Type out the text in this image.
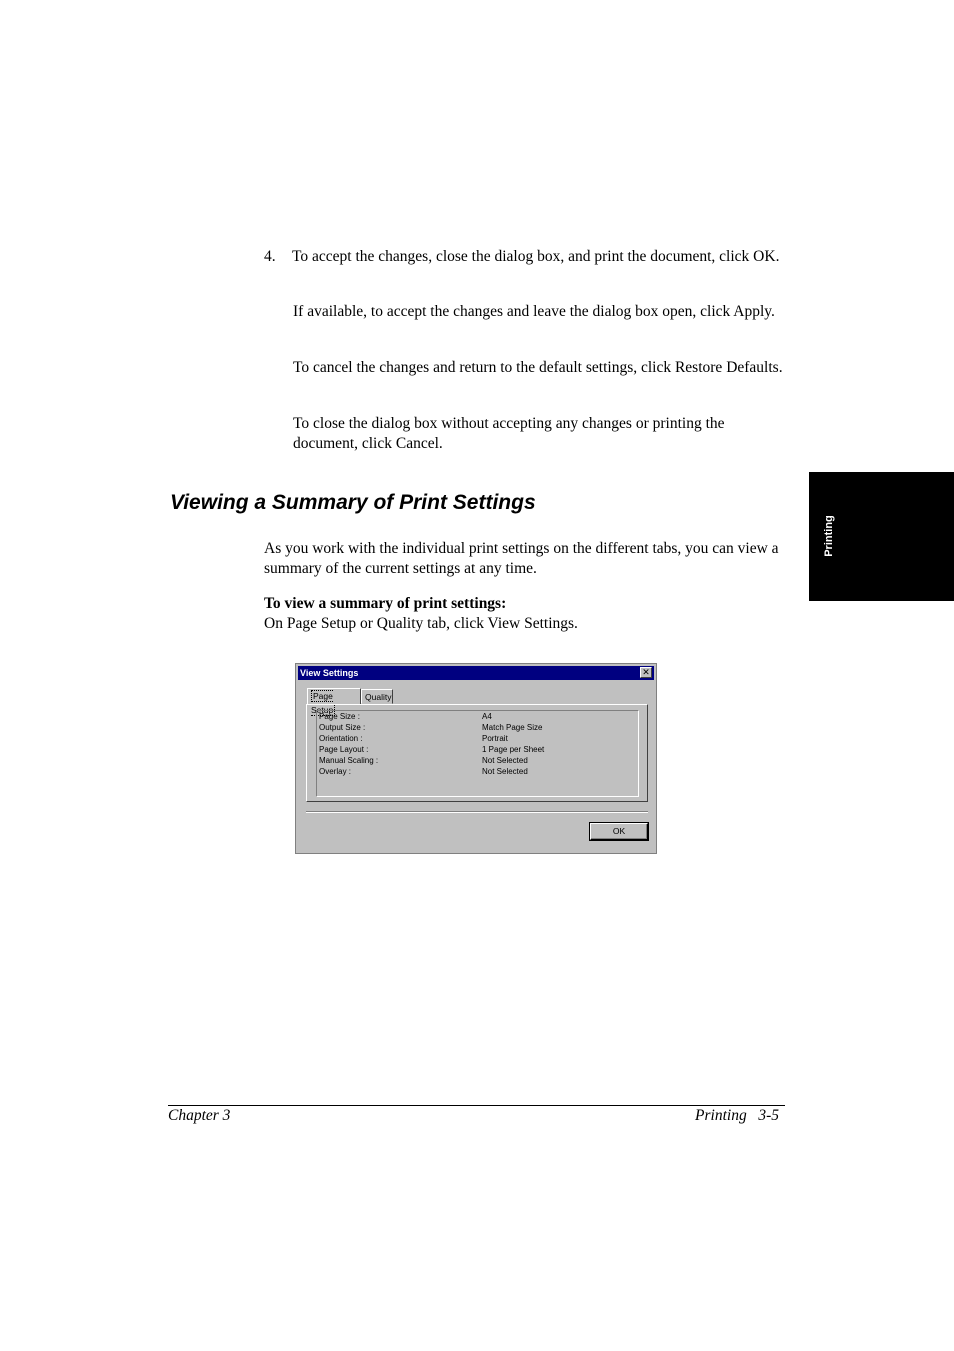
4. To accept the changes, close the dialog box, and print the document, click OK.
If available, to accept the changes and leave the dialog box open, click Apply.
To cancel the changes and return to the default settings, click Restore Defaults.
To close the dialog box without accepting any changes or printing the document, click Cancel.
Viewing a Summary of Print Settings
As you work with the individual print settings on the different tabs, you can view a summary of the current settings at any time.
To view a summary of print settings:
On Page Setup or Quality tab, click View Settings.
Printing
View Settings	✕
Page Setup
Quality
Page Size :	A4
Output Size :	Match Page Size
Orientation :	Portrait
Page Layout :	1 Page per Sheet
Manual Scaling :	Not Selected
Overlay :	Not Selected
OK
Chapter 3	Printing   3-5
